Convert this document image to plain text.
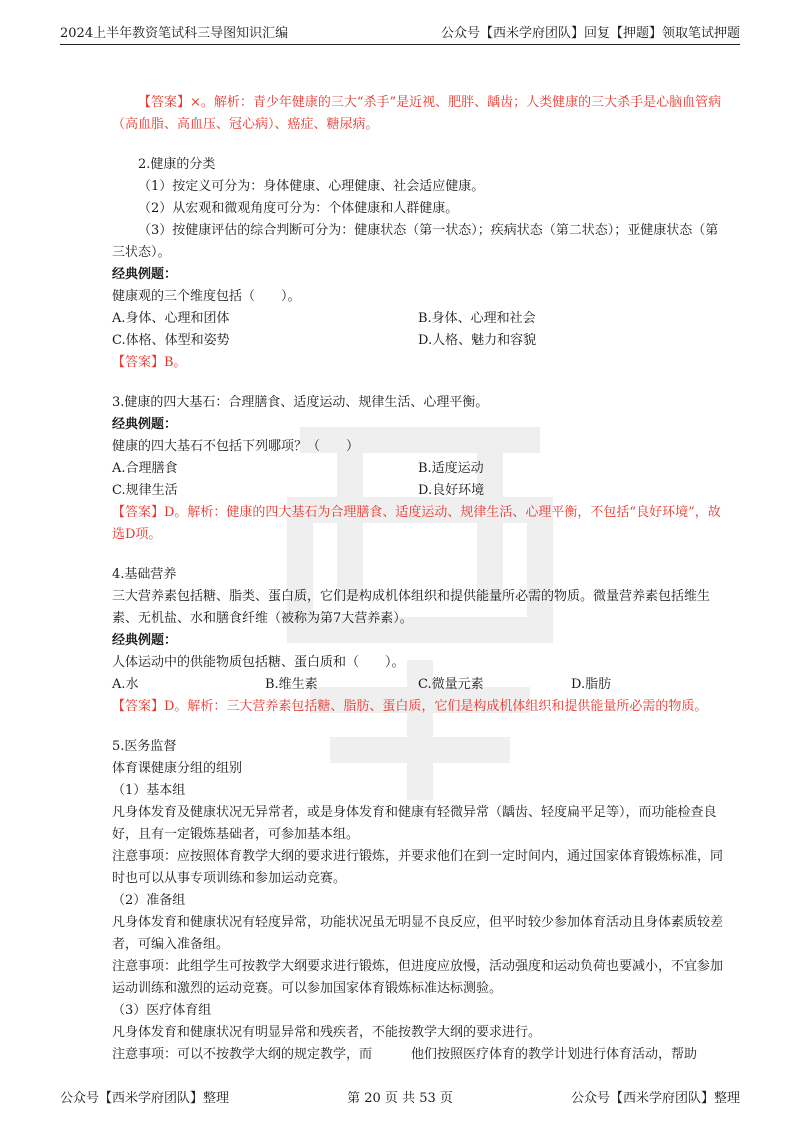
2024上半年教资笔试科三导图知识汇编	公众号【西米学府团队】回复【押题】领取笔试押题

【答案】×。解析：青少年健康的三大“杀手”是近视、肥胖、龋齿；人类健康的三大杀手是心脑血管病（高血脂、高血压、冠心病）、癌症、糖尿病。

2.健康的分类

（1）按定义可分为：身体健康、心理健康、社会适应健康。

（2）从宏观和微观角度可分为：个体健康和人群健康。

（3）按健康评估的综合判断可分为：健康状态（第一状态）；疾病状态（第二状态）；亚健康状态（第三状态）。

经典例题：

健康观的三个维度包括（　　）。

A.身体、心理和团体	B.身体、心理和社会
C.体格、体型和姿势	D.人格、魅力和容貌

【答案】B。

3.健康的四大基石：合理膳食、适度运动、规律生活、心理平衡。

经典例题：

健康的四大基石不包括下列哪项？（　　）

A.合理膳食	B.适度运动
C.规律生活	D.良好环境

【答案】D。解析：健康的四大基石为合理膳食、适度运动、规律生活、心理平衡，不包括“良好环境”，故选D项。

4.基础营养

三大营养素包括糖、脂类、蛋白质，它们是构成机体组织和提供能量所必需的物质。微量营养素包括维生素、无机盐、水和膳食纤维（被称为第7大营养素）。

经典例题：

人体运动中的供能物质包括糖、蛋白质和（　　）。

A.水	B.维生素	C.微量元素	D.脂肪

【答案】D。解析：三大营养素包括糖、脂肪、蛋白质，它们是构成机体组织和提供能量所必需的物质。

5.医务监督

体育课健康分组的组别

（1）基本组

凡身体发育及健康状况无异常者，或是身体发育和健康有轻微异常（龋齿、轻度扁平足等），而功能检查良好，且有一定锻炼基础者，可参加基本组。

注意事项：应按照体育教学大纲的要求进行锻炼，并要求他们在到一定时间内，通过国家体育锻炼标准，同时也可以从事专项训练和参加运动竞赛。

（2）准备组

凡身体发育和健康状况有轻度异常，功能状况虽无明显不良反应，但平时较少参加体育活动且身体素质较差者，可编入准备组。

注意事项：此组学生可按教学大纲要求进行锻炼，但进度应放慢，活动强度和运动负荷也要减小，不宜参加运动训练和激烈的运动竞赛。可以参加国家体育锻炼标准达标测验。

（3）医疗体育组

凡身体发育和健康状况有明显异常和残疾者，不能按教学大纲的要求进行。

注意事项：可以不按教学大纲的规定教学，而　　　他们按照医疗体育的教学计划进行体育活动，帮助

公众号【西米学府团队】整理	第 20 页 共 53 页	公众号【西米学府团队】整理
